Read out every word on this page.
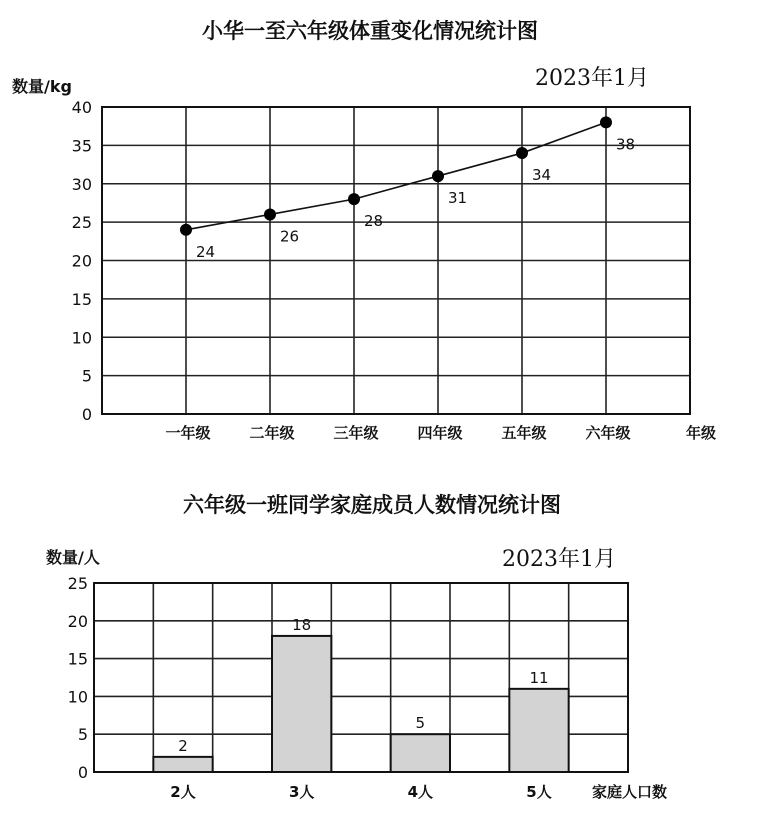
小华一至六年级体重变化情况统计图
数量/kg	2023年1月
年级
0
5
10
15
20
25
30
35
40
一年级	二年级	三年级	四年级	五年级	六年级
24
26
28
31
34
38
六年级一班同学家庭成员人数情况统计图
数量/人	2023年1月
家庭人口数
0
5
10
15
20
25
2
18
5
11
2人	3人	4人	5人
